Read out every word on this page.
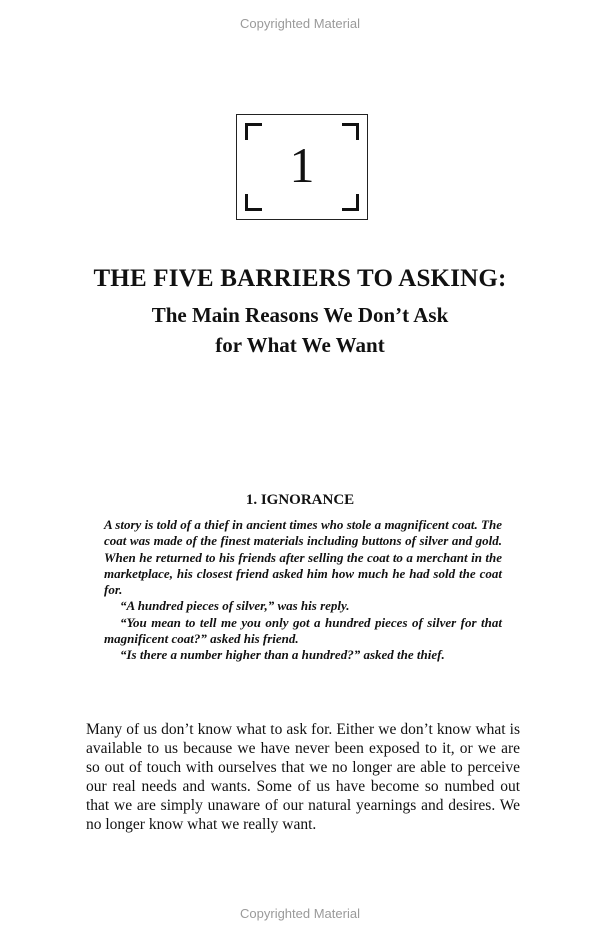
Copyrighted Material
1
THE FIVE BARRIERS TO ASKING:
The Main Reasons We Don’t Ask
for What We Want
1. IGNORANCE

A story is told of a thief in ancient times who stole a magnificent coat. The coat was made of the finest materials including buttons of silver and gold. When he returned to his friends after selling the coat to a merchant in the marketplace, his closest friend asked him how much he had sold the coat for.

“A hundred pieces of silver,” was his reply.

“You mean to tell me you only got a hundred pieces of silver for that magnificent coat?” asked his friend.

“Is there a number higher than a hundred?” asked the thief.

Many of us don’t know what to ask for. Either we don’t know what is available to us because we have never been exposed to it, or we are so out of touch with ourselves that we no longer are able to perceive our real needs and wants. Some of us have become so numbed out that we are simply unaware of our natural yearnings and desires. We no longer know what we really want.

Copyrighted Material
